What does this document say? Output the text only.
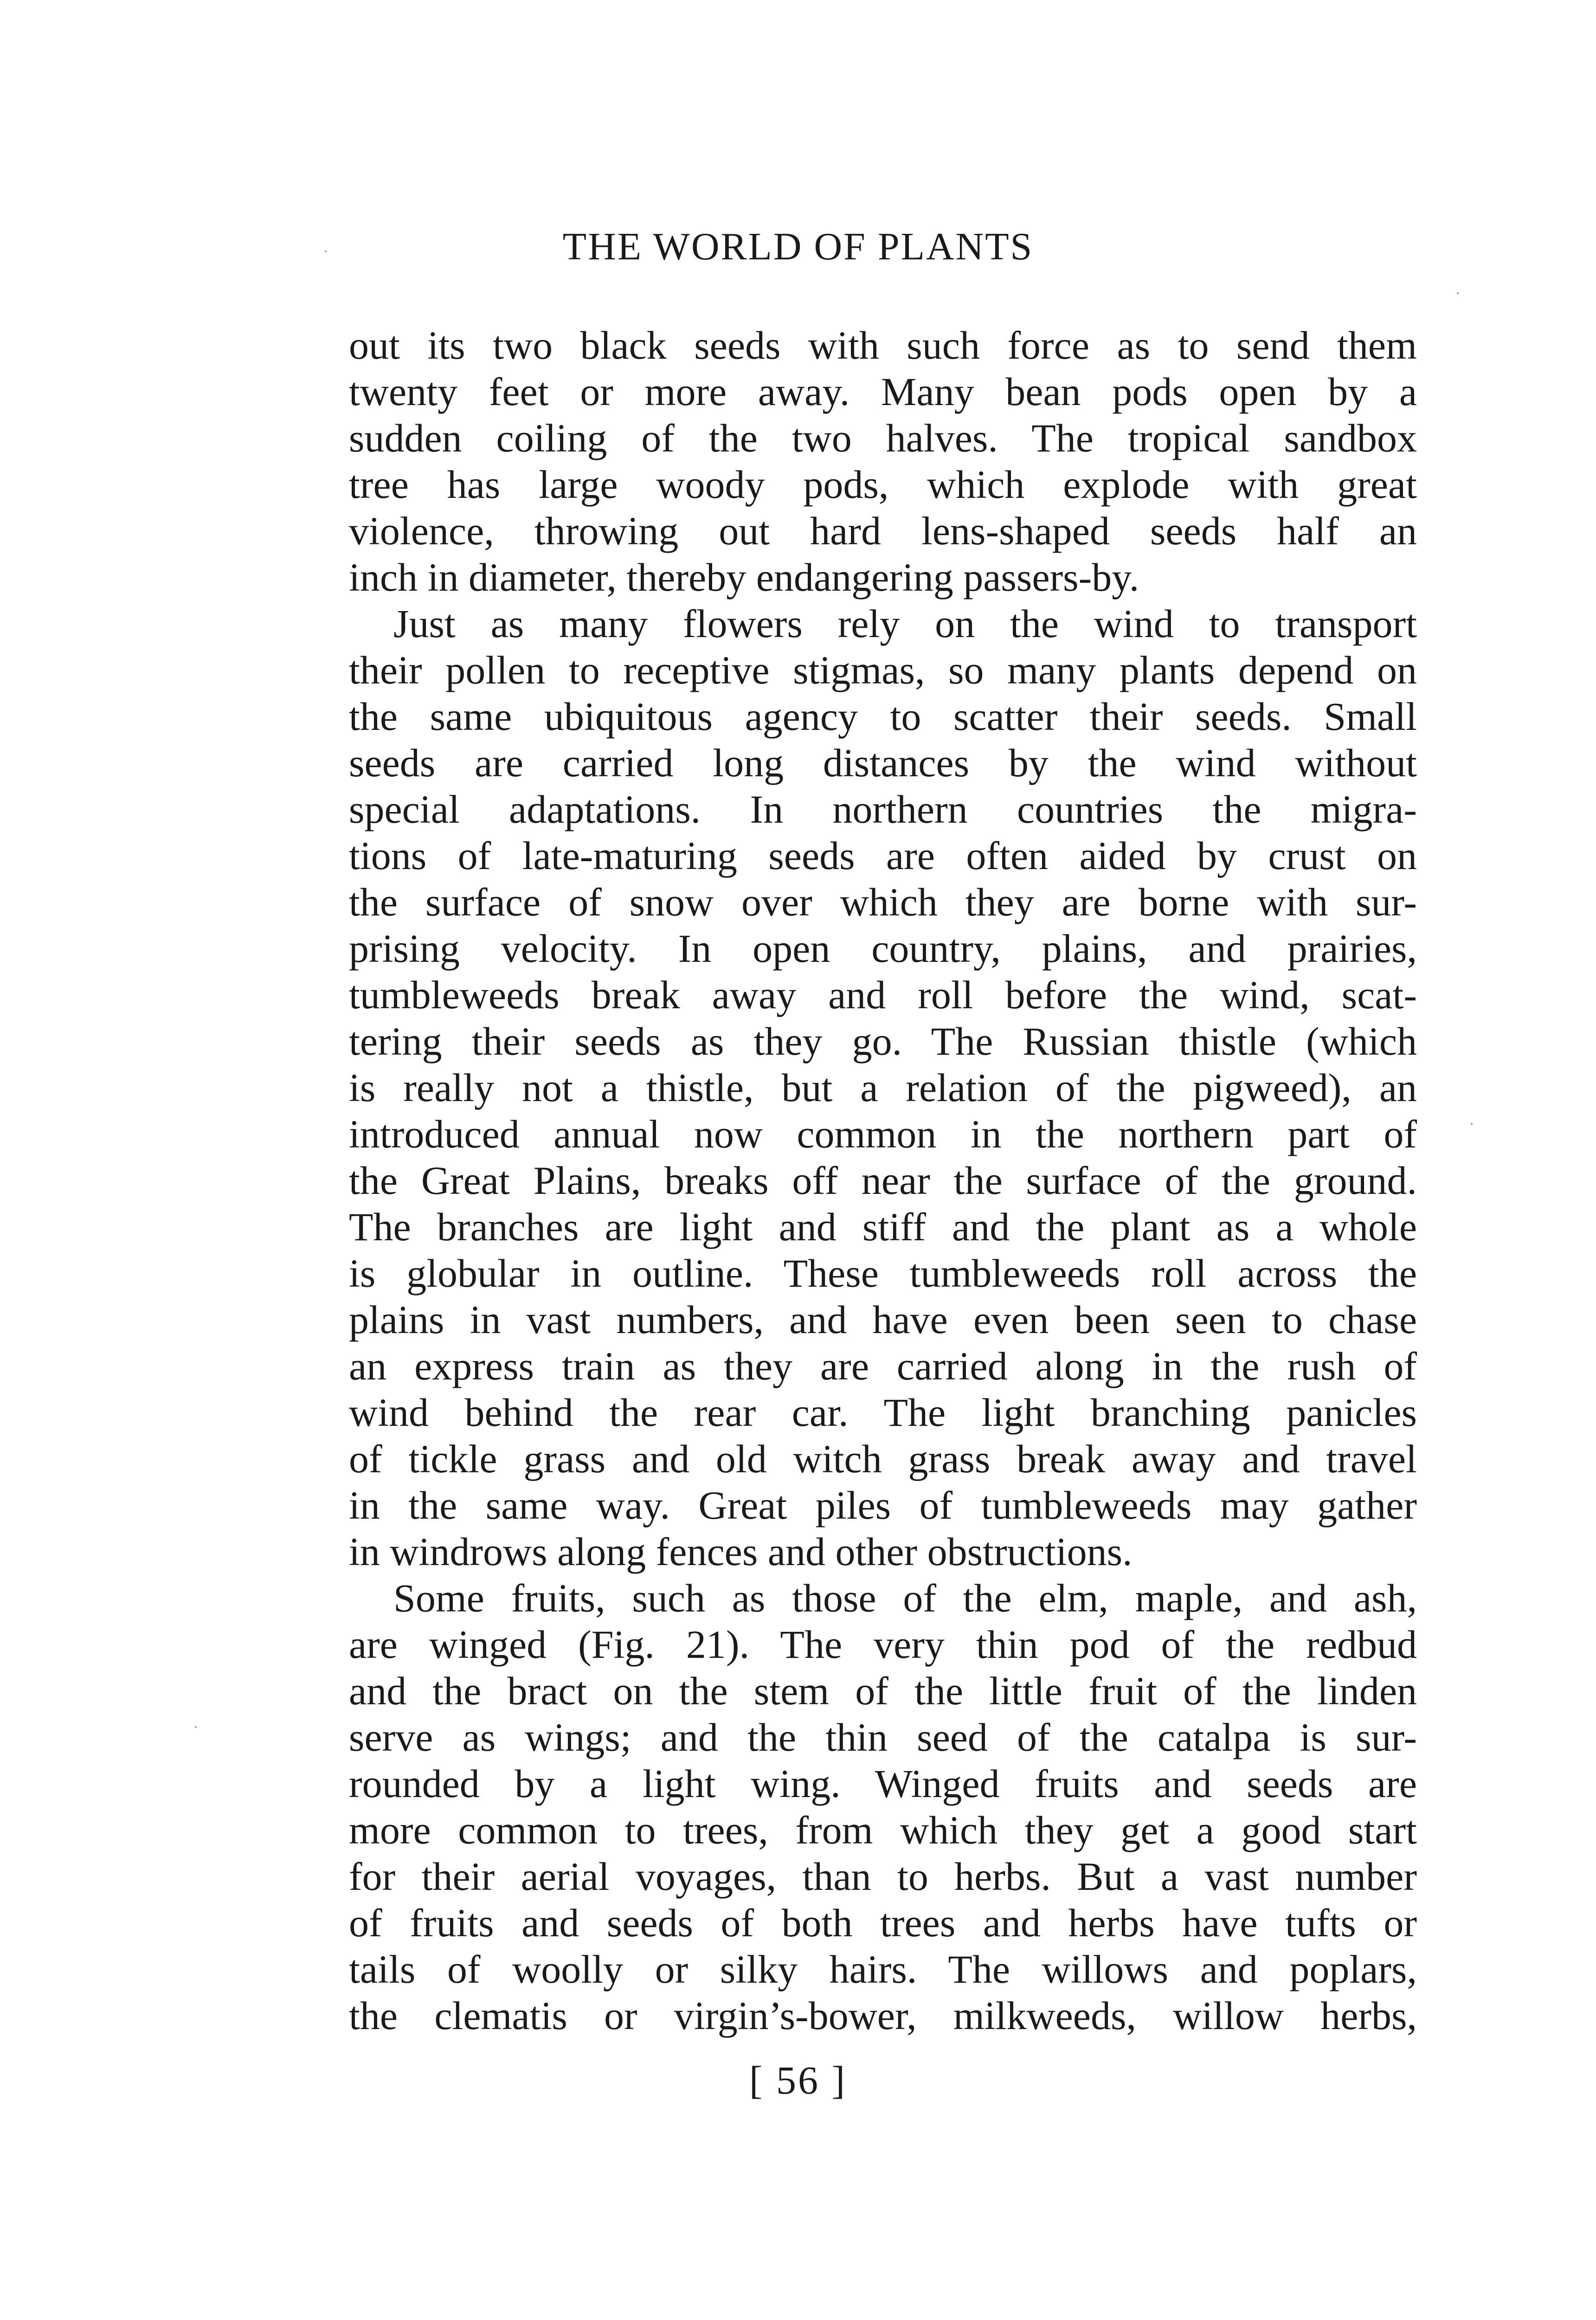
THE WORLD OF PLANTS
out its two black seeds with such force as to send them
twenty feet or more away. Many bean pods open by a
sudden coiling of the two halves. The tropical sandbox
tree has large woody pods, which explode with great
violence, throwing out hard lens-shaped seeds half an
inch in diameter, thereby endangering passers-by.
Just as many flowers rely on the wind to transport
their pollen to receptive stigmas, so many plants depend on
the same ubiquitous agency to scatter their seeds. Small
seeds are carried long distances by the wind without
special adaptations. In northern countries the migra-
tions of late-maturing seeds are often aided by crust on
the surface of snow over which they are borne with sur-
prising velocity. In open country, plains, and prairies,
tumbleweeds break away and roll before the wind, scat-
tering their seeds as they go. The Russian thistle (which
is really not a thistle, but a relation of the pigweed), an
introduced annual now common in the northern part of
the Great Plains, breaks off near the surface of the ground.
The branches are light and stiff and the plant as a whole
is globular in outline. These tumbleweeds roll across the
plains in vast numbers, and have even been seen to chase
an express train as they are carried along in the rush of
wind behind the rear car. The light branching panicles
of tickle grass and old witch grass break away and travel
in the same way. Great piles of tumbleweeds may gather
in windrows along fences and other obstructions.
Some fruits, such as those of the elm, maple, and ash,
are winged (Fig. 21). The very thin pod of the redbud
and the bract on the stem of the little fruit of the linden
serve as wings; and the thin seed of the catalpa is sur-
rounded by a light wing. Winged fruits and seeds are
more common to trees, from which they get a good start
for their aerial voyages, than to herbs. But a vast number
of fruits and seeds of both trees and herbs have tufts or
tails of woolly or silky hairs. The willows and poplars,
the clematis or virgin’s-bower, milkweeds, willow herbs,
[ 56 ]
